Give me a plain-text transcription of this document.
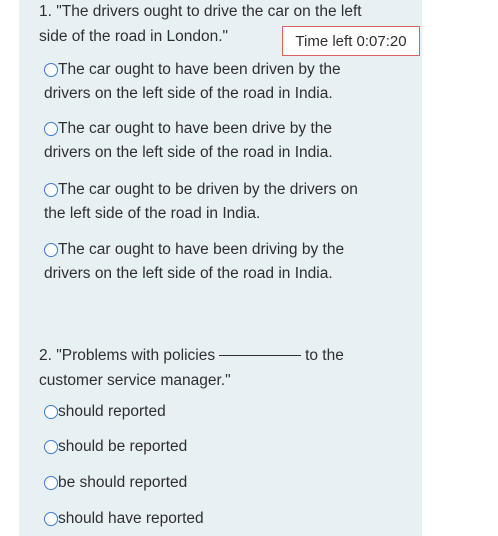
1. "The drivers ought to drive the car on the left
side of the road in London."	Time left 0:07:20
The car ought to have been driven by the
drivers on the left side of the road in India.
The car ought to have been drive by the
drivers on the left side of the road in India.
The car ought to be driven by the drivers on
the left side of the road in India.
The car ought to have been driving by the
drivers on the left side of the road in India.
2. "Problems with policies	to the
customer service manager."
should reported
should be reported
be should reported
should have reported
